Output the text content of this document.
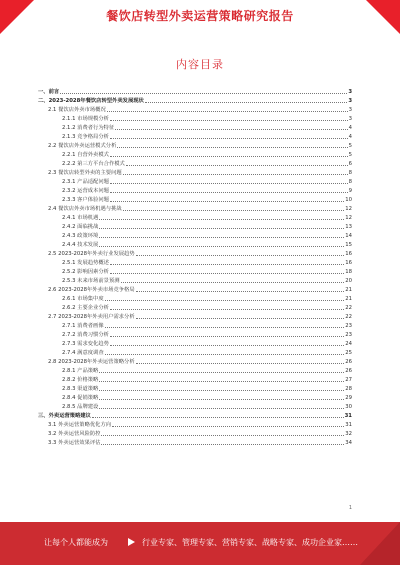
餐饮店转型外卖运营策略研究报告
内容目录
一、前言	3
二、2023-2028年餐饮店转型外卖发展现状	3
2.1 餐饮店外卖市场概况	3
2.1.1 市场规模分析	3
2.1.2 消费者行为特征	4
2.1.3 竞争格局分析	4
2.2 餐饮店外卖运营模式分析	5
2.2.1 自营外卖模式	5
2.2.2 第三方平台合作模式	6
2.3 餐饮店转型外卖的主要问题	8
2.3.1 产品适配问题	8
2.3.2 运营成本问题	9
2.3.3 客户体验问题	10
2.4 餐饮店外卖市场机遇与挑战	12
2.4.1 市场机遇	12
2.4.2 面临挑战	13
2.4.3 政策环境	14
2.4.4 技术发展	15
2.5 2023-2028年外卖行业发展趋势	16
2.5.1 发展趋势概述	16
2.5.2 影响因素分析	18
2.5.3 未来市场前景预测	20
2.6 2023-2028年外卖市场竞争格局	21
2.6.1 市场集中度	21
2.6.2 主要企业分析	22
2.7 2023-2028年外卖用户需求分析	22
2.7.1 消费者画像	23
2.7.2 消费习惯分析	23
2.7.3 需求变化趋势	24
2.7.4 满意度调查	25
2.8 2023-2028年外卖运营策略分析	26
2.8.1 产品策略	26
2.8.2 价格策略	27
2.8.3 渠道策略	28
2.8.4 促销策略	29
2.8.5 品牌建设	30
三、外卖运营策略建议	31
3.1 外卖运营策略优化方向	31
3.2 外卖运营风险防控	32
3.3 外卖运营效果评估	34
1
让每个人都能成为	行业专家、管理专家、营销专家、战略专家、成功企业家……
